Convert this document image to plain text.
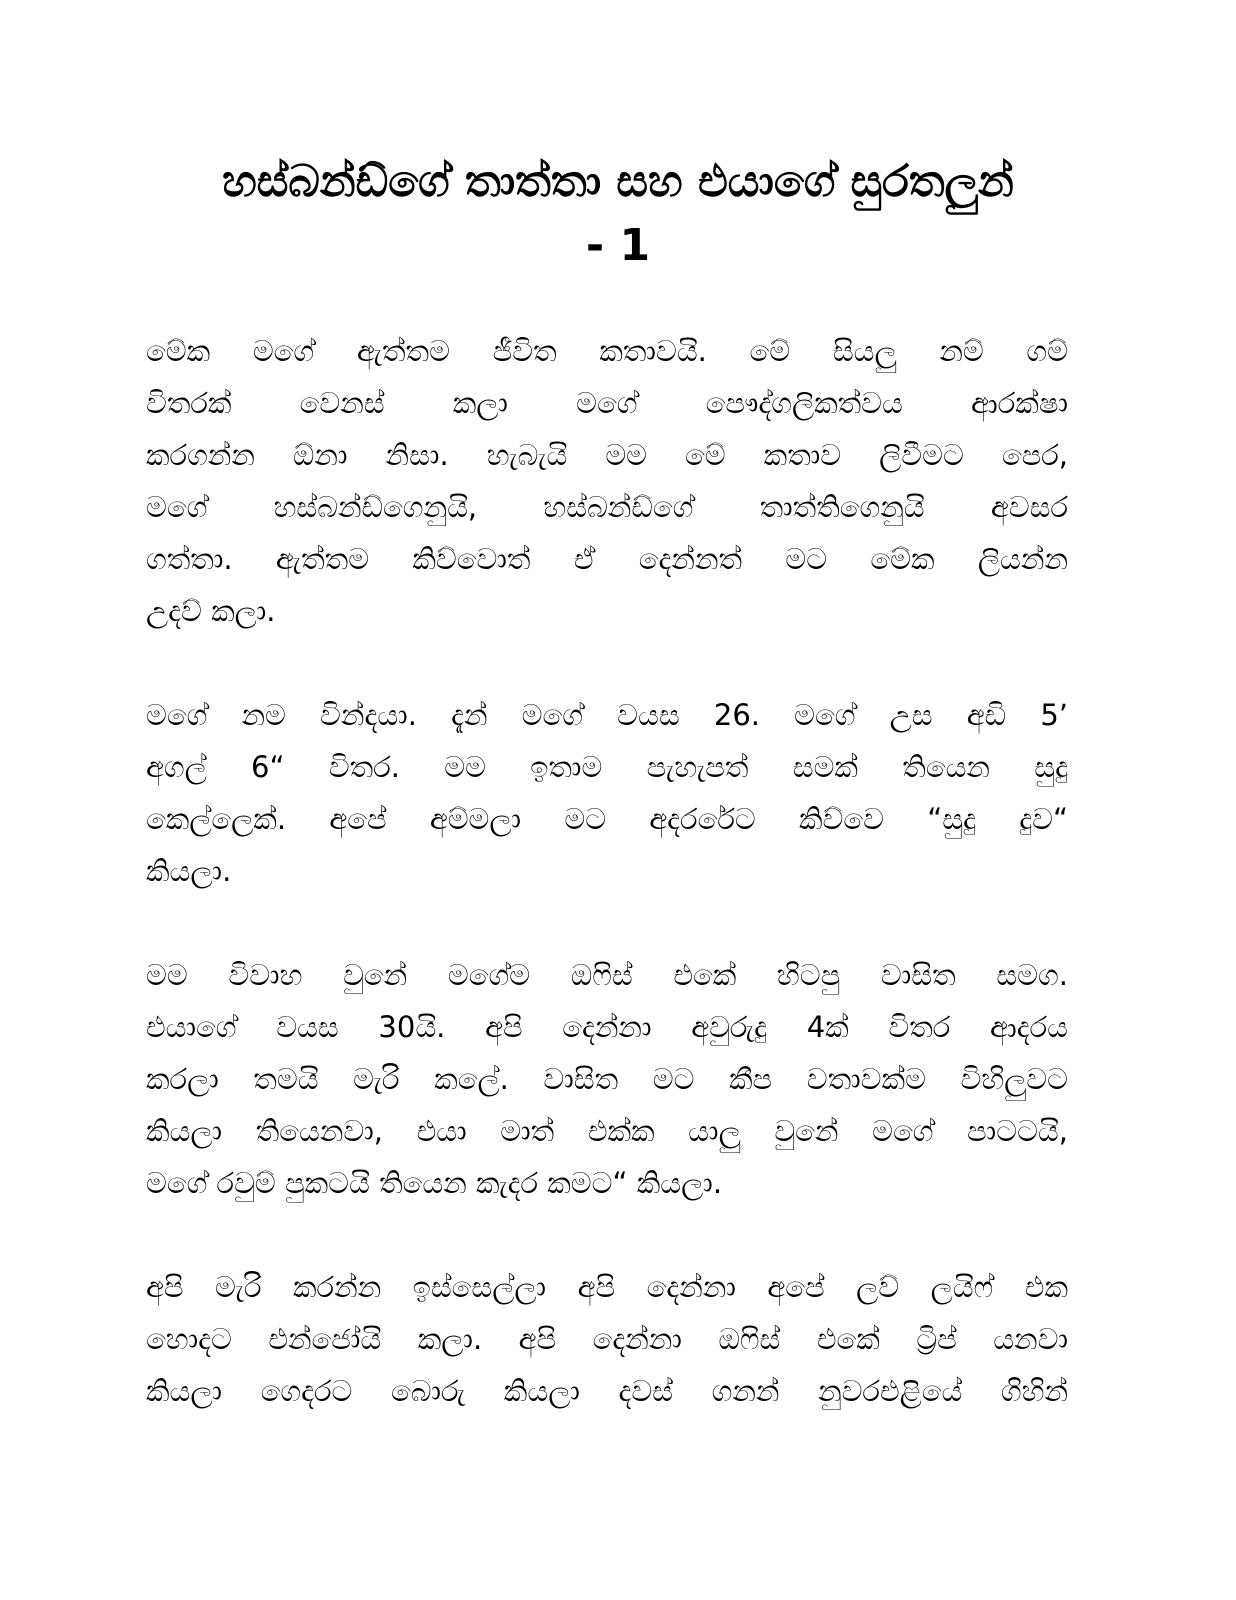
හස්බන්ඩ්ගේ තාත්තා සහ එයාගේ සුරතලුන්
- 1
මේක මගේ ඇත්තම ජීවිත කතාවයි. මේ සියලු නම් ගම්
විතරක් වෙනස් කලා මගේ පෞද්ගලිකත්වය ආරක්ෂා
කරගන්න ඕනා නිසා. හැබැයි මම මේ කතාව ලිවීමට පෙර,
මගේ හස්බන්ඩ්ගෙනුයි, හස්බන්ඩ්ගේ තාත්තිගෙනුයි අවසර
ගත්තා. ඇත්තම කිව්වොත් ඒ දෙන්නත් මට මේක ලියන්න
උදව් කලා.
මගේ නම වින්දයා. දැන් මගේ වයස 26. මගේ උස අඩි 5’
අගල් 6“ විතර. මම ඉතාම පැහැපත් සමක් තියෙන සුදු
කෙල්ලෙක්. අපේ අම්මලා මට අදරරේට කිව්වෙ “සුදු දුව“
කියලා.
මම විවාහ වුනේ මගේම ඔෆිස් එකේ හිටපු වාසිත සමග.
එයාගේ වයස 30යි. අපි දෙන්නා අවුරුදු 4ක් විතර ආදරය
කරලා තමයි මැරි කලේ. වාසිත මට කීප වතාවක්ම විහිලුවට
කියලා තියෙනවා, එයා මාත් එක්ක යාලු වුනේ මගේ පාටටයි,
මගේ රවුම් පුකටයි තියෙන කැදර කමට“ කියලා.
අපි මැරි කරන්න ඉස්සෙල්ලා අපි දෙන්නා අපේ ලව් ලයිෆ් එක
හොදට එන්ජෝයි කලා. අපි දෙන්නා ඔෆිස් එකේ ට්‍රිප් යනවා
කියලා ගෙදරට බොරු කියලා දවස් ගනන් නුවරඑළියේ ගිහින්
